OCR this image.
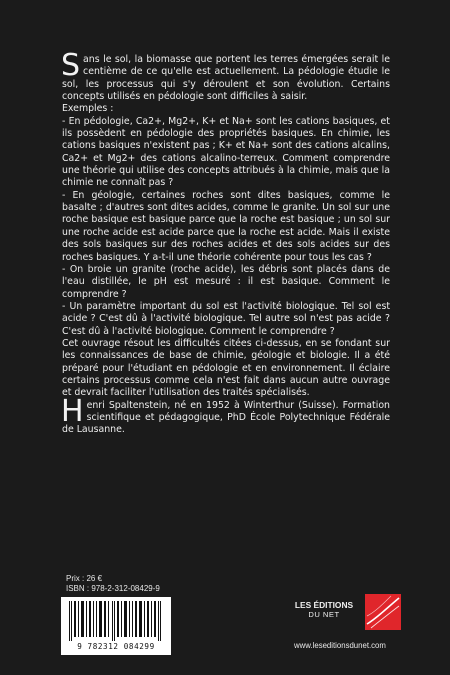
Sans le sol, la biomasse que portent les terres émergées serait le centième de ce qu'elle est actuellement. La pédologie étudie le sol, les processus qui s'y déroulent et son évolution. Certains concepts utilisés en pédologie sont difficiles à saisir.

Exemples :

- En pédologie, Ca2+, Mg2+, K+ et Na+ sont les cations basiques, et ils possèdent en pédologie des propriétés basiques. En chimie, les cations basiques n'existent pas ; K+ et Na+ sont des cations alcalins, Ca2+ et Mg2+ des cations alcalino-terreux. Comment comprendre une théorie qui utilise des concepts attribués à la chimie, mais que la chimie ne connaît pas ?

- En géologie, certaines roches sont dites basiques, comme le basalte ; d'autres sont dites acides, comme le granite. Un sol sur une roche basique est basique parce que la roche est basique ; un sol sur une roche acide est acide parce que la roche est acide. Mais il existe des sols basiques sur des roches acides et des sols acides sur des roches basiques. Y a-t-il une théorie cohérente pour tous les cas ?

- On broie un granite (roche acide), les débris sont placés dans de l'eau distillée, le pH est mesuré : il est basique. Comment le comprendre ?

- Un paramètre important du sol est l'activité biologique. Tel sol est acide ? C'est dû à l'activité biologique. Tel autre sol n'est pas acide ? C'est dû à l'activité biologique. Comment le comprendre ?

Cet ouvrage résout les difficultés citées ci-dessus, en se fondant sur les connaissances de base de chimie, géologie et biologie. Il a été préparé pour l'étudiant en pédologie et en environnement. Il éclaire certains processus comme cela n'est fait dans aucun autre ouvrage et devrait faciliter l'utilisation des traités spécialisés.

Henri Spaltenstein, né en 1952 à Winterthur (Suisse). Formation scientifique et pédagogique, PhD École Polytechnique Fédérale de Lausanne.

Prix : 26 €
ISBN : 978-2-312-08429-9
9 782312 084299
LES ÉDITIONS
DU NET
www.leseditionsdunet.com
